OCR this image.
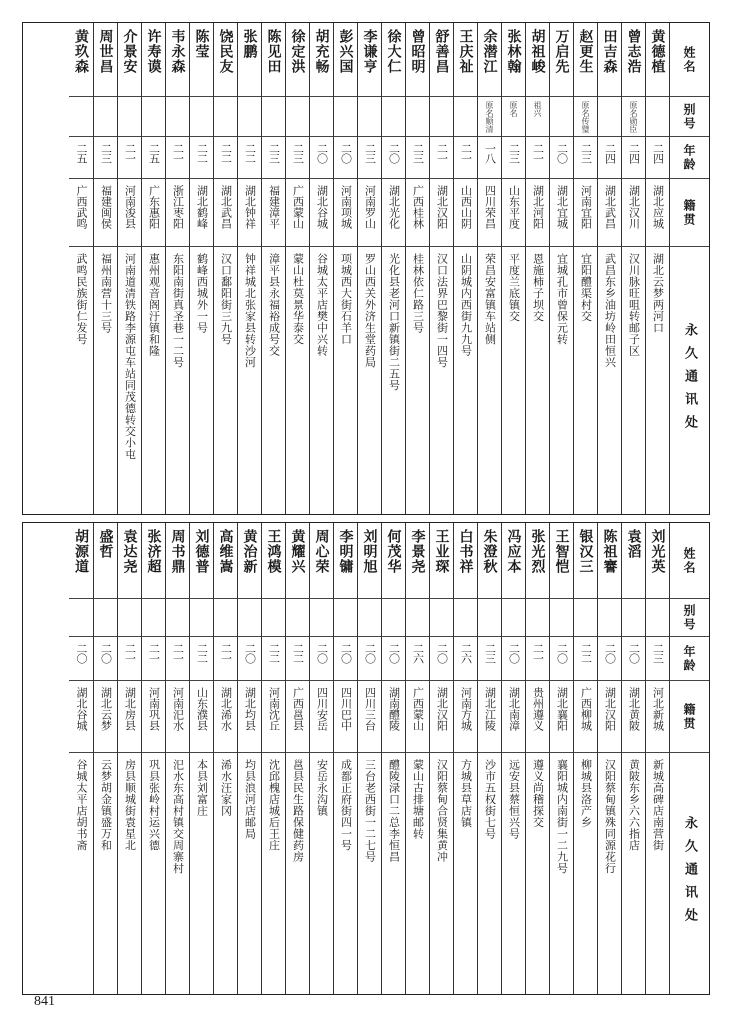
姓名
别号
年龄
籍贯
永久通讯处
黄德植
二四
湖北应城
湖北云梦两河口
曾志浩
原名勋臣
二四
湖北汉川
汉川脉旺咀转邮子区
田吉森
二四
湖北武昌
武昌东乡油坊岭田恒兴
赵更生
原名传璧
二三
河南宜阳
宜阳醴渠村交
万启先
二〇
湖北宜城
宜城孔市曾保元转
胡祖峻
祖兴
二一
湖北河阳
恩施柿子坝交
张林翰
原名
二三
山东平度
平度兰底镇交
余潜江
原名顺清
一八
四川荣昌
荣昌安富镇车站侧
王庆祉
二一
山西山阴
山阴城内西街九九号
舒善昌
二一
湖北汉阳
汉口法界巴黎街一四号
曾昭明
二三
广西桂林
桂林依仁路三号
徐大仁
二〇
湖北光化
光化县老河口新镇街二五号
李谦亨
二三
河南罗山
罗山西关外济生堂药局
彭兴国
二〇
河南项城
项城西大街石羊口
胡充畅
二〇
湖北谷城
谷城太平店樊中兴转
徐定洪
二三
广西蒙山
蒙山杜莫景华泰交
陈见田
二三
福建漳平
漳平县永福裕成号交
张鹏
二二
湖北钟祥
钟祥城北张家县转沙河
饶民友
二二
湖北武昌
汉口鄱阳街三九号
陈莹
二二
湖北鹤峰
鹤峰西城外一号
韦永森
二一
浙江枣阳
东阳南街真圣巷一二号
许寿谟
二五
广东惠阳
惠州观音阁汙镇和隆
介景安
二一
河南浚县
河南道清铁路李源屯车站同茂德转交小屯
周世昌
二三
福建闽侯
福州南营十三号
黄玖森
二五
广西武鸣
武鸣民族街仁发号
姓名
别号
年龄
籍贯
永久通讯处
刘光英
二三
河北新城
新城高碑店南营街
袁滔
二〇
湖北黄陂
黄陂东乡六六指店
陈祖謇
二〇
湖北汉阳
汉阳蔡甸镇殊同源花行
银汉三
二二
广西柳城
柳城县洛产乡
王智恺
二〇
湖北襄阳
襄阳城内南街一二九号
张光烈
二一
贵州遵义
遵义尚稽探交
冯应本
二〇
湖北南漳
远安县蔡恒兴号
朱澄秋
二三
湖北江陵
沙市五权街七号
白书祥
二六
河南方城
方城县草店镇
王业琛
二〇
湖北汉阳
汉阳蔡甸合贤集黄冲
李景尧
二六
广西蒙山
蒙山古排塘邮转
何茂华
二〇
湖南醴陵
醴陵渌口二总李恒昌
刘明旭
二〇
四川三台
三台老西街一二七号
李明镛
二〇
四川巴中
成都正府街四一号
周心荣
二〇
四川安岳
安岳永沟镇
黄耀兴
二二
广西邕县
邕县民生路保健药房
王鸿模
二二
河南沈丘
沈邱槐店城后王庄
黄治新
二〇
湖北均县
均县浪河店邮局
高维嵩
二一
湖北浠水
浠水汪家冈
刘德普
二二
山东濮县
本县刘富庄
周书鼎
二一
河南汜水
汜水东高村镇交周寨村
张济超
二一
河南巩县
巩县张岭村运兴德
袁达尧
二一
湖北房县
房县顺城街袁星北
盛哲
二〇
湖北云梦
云梦胡金镇盛万和
胡源道
二〇
湖北谷城
谷城太平店胡书斋
841
